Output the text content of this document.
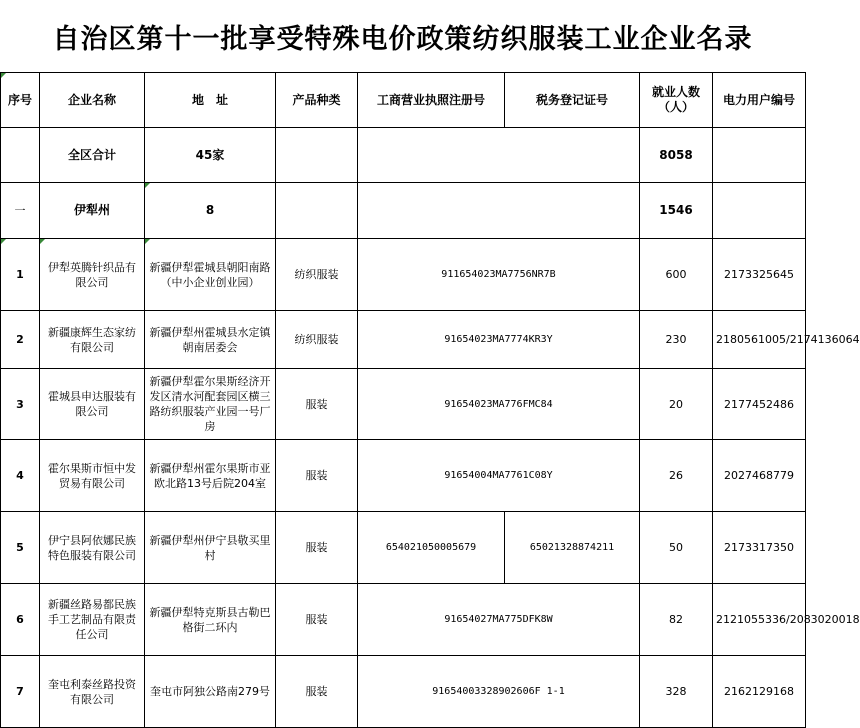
自治区第十一批享受特殊电价政策纺织服装工业企业名录
序号	企业名称	地　址	产品种类	工商营业执照注册号	税务登记证号	就业人数（人）	电力用户编号
	全区合计	45家				8058	
一	伊犁州	8				1546	
1	伊犁英腾针织品有限公司	新疆伊犁霍城县朝阳南路（中小企业创业园）	纺织服装	911654023MA7756NR7B		600	2173325645
2	新疆康辉生态家纺有限公司	新疆伊犁州霍城县水定镇朝南居委会	纺织服装	91654023MA7774KR3Y		230	2180561005/2174136064
3	霍城县申达服装有限公司	新疆伊犁霍尔果斯经济开发区清水河配套园区横三路纺织服装产业园一号厂房	服装	91654023MA776FMC84		20	2177452486
4	霍尔果斯市恒中发贸易有限公司	新疆伊犁州霍尔果斯市亚欧北路13号后院204室	服装	91654004MA7761C08Y		26	2027468779
5	伊宁县阿依娜民族特色服装有限公司	新疆伊犁州伊宁县敬买里村	服装	654021050005679	65021328874211	50	2173317350
6	新疆丝路易都民族手工艺制品有限责任公司	新疆伊犁特克斯县古勒巴格街二环内	服装	91654027MA775DFK8W		82	2121055336/2083020018
7	奎屯利泰丝路投资有限公司	奎屯市阿独公路南279号	服装	91654003328902606F 1-1		328	2162129168
